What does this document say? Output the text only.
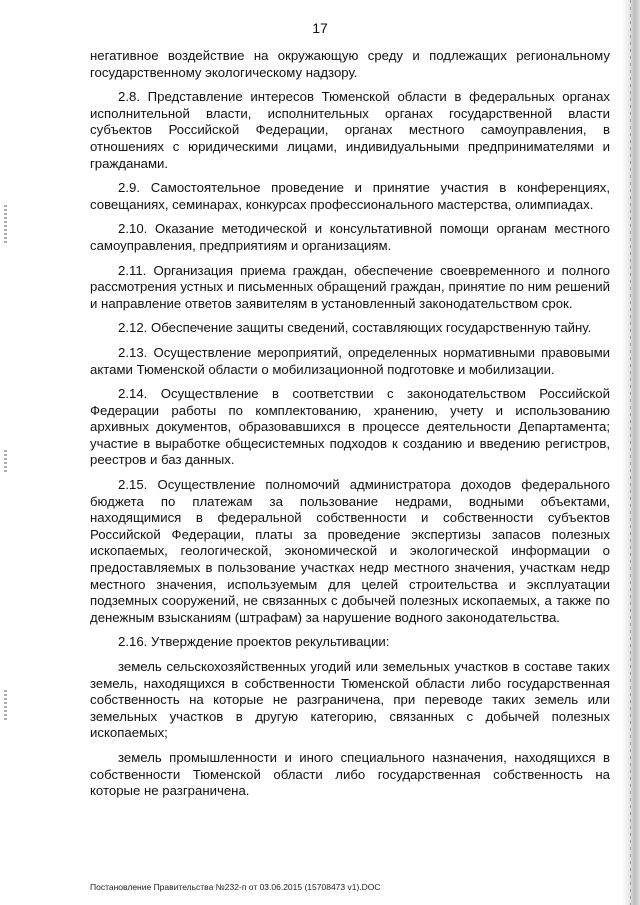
17

негативное воздействие на окружающую среду и подлежащих региональному государственному экологическому надзору.

2.8. Представление интересов Тюменской области в федеральных органах исполнительной власти, исполнительных органах государственной власти субъектов Российской Федерации, органах местного самоуправления, в отношениях с юридическими лицами, индивидуальными предпринимателями и гражданами.

2.9. Самостоятельное проведение и принятие участия в конференциях, совещаниях, семинарах, конкурсах профессионального мастерства, олимпиадах.

2.10. Оказание методической и консультативной помощи органам местного самоуправления, предприятиям и организациям.

2.11. Организация приема граждан, обеспечение своевременного и полного рассмотрения устных и письменных обращений граждан, принятие по ним решений и направление ответов заявителям в установленный законодательством срок.

2.12. Обеспечение защиты сведений, составляющих государственную тайну.

2.13. Осуществление мероприятий, определенных нормативными правовыми актами Тюменской области о мобилизационной подготовке и мобилизации.

2.14. Осуществление в соответствии с законодательством Российской Федерации работы по комплектованию, хранению, учету и использованию архивных документов, образовавшихся в процессе деятельности Департамента; участие в выработке общесистемных подходов к созданию и введению регистров, реестров и баз данных.

2.15. Осуществление полномочий администратора доходов федерального бюджета по платежам за пользование недрами, водными объектами, находящимися в федеральной собственности и собственности субъектов Российской Федерации, платы за проведение экспертизы запасов полезных ископаемых, геологической, экономической и экологической информации о предоставляемых в пользование участках недр местного значения, участкам недр местного значения, используемым для целей строительства и эксплуатации подземных сооружений, не связанных с добычей полезных ископаемых, а также по денежным взысканиям (штрафам) за нарушение водного законодательства.

2.16. Утверждение проектов рекультивации:

земель сельскохозяйственных угодий или земельных участков в составе таких земель, находящихся в собственности Тюменской области либо государственная собственность на которые не разграничена, при переводе таких земель или земельных участков в другую категорию, связанных с добычей полезных ископаемых;

земель промышленности и иного специального назначения, находящихся в собственности Тюменской области либо государственная собственность на которые не разграничена.

Постановление Правительства №232-п от 03.06.2015 (15708473 v1).DOC
